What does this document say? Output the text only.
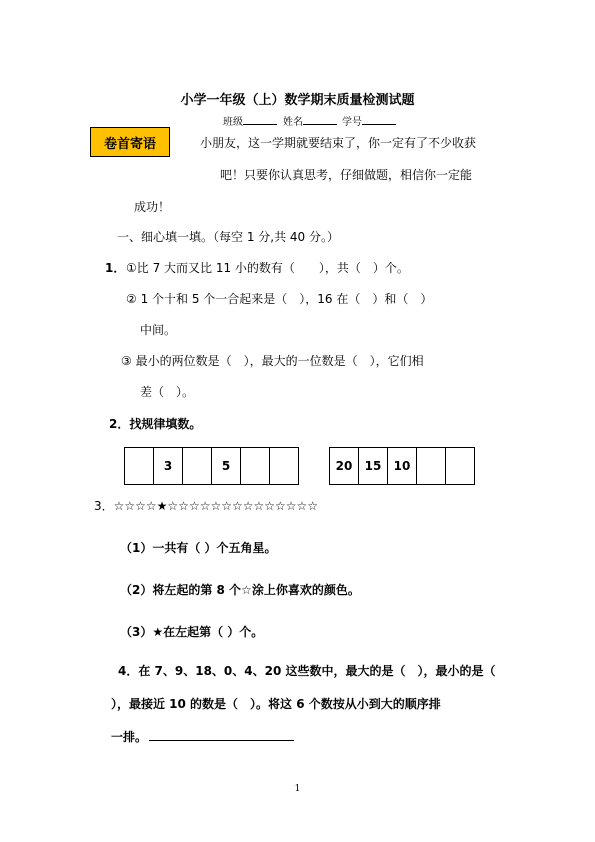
小学一年级（上）数学期末质量检测试题
班级	姓名	学号
卷首寄语	小朋友，这一学期就要结束了，你一定有了不少收获
吧！只要你认真思考，仔细做题，相信你一定能
成功！
一、细心填一填。（每空 1 分,共 40 分。）
1． ①比 7 大而又比 11 小的数有（　　），共（　）个。
② 1 个十和 5 个一合起来是（　），16 在（　）和（　）
中间。
③ 最小的两位数是（　），最大的一位数是（　），它们相
差（　）。
2．找规律填数。
	3		5			20	15	10		
3．☆☆☆☆★☆☆☆☆☆☆☆☆☆☆☆☆☆☆
（1）一共有（ ）个五角星。
（2）将左起的第 8 个☆涂上你喜欢的颜色。
（3）★在左起第（ ）个。
4．在 7、9、18、0、4、20 这些数中，最大的是（　），最小的是（
），最接近 10 的数是（　）。将这 6 个数按从小到大的顺序排
一排。
1
